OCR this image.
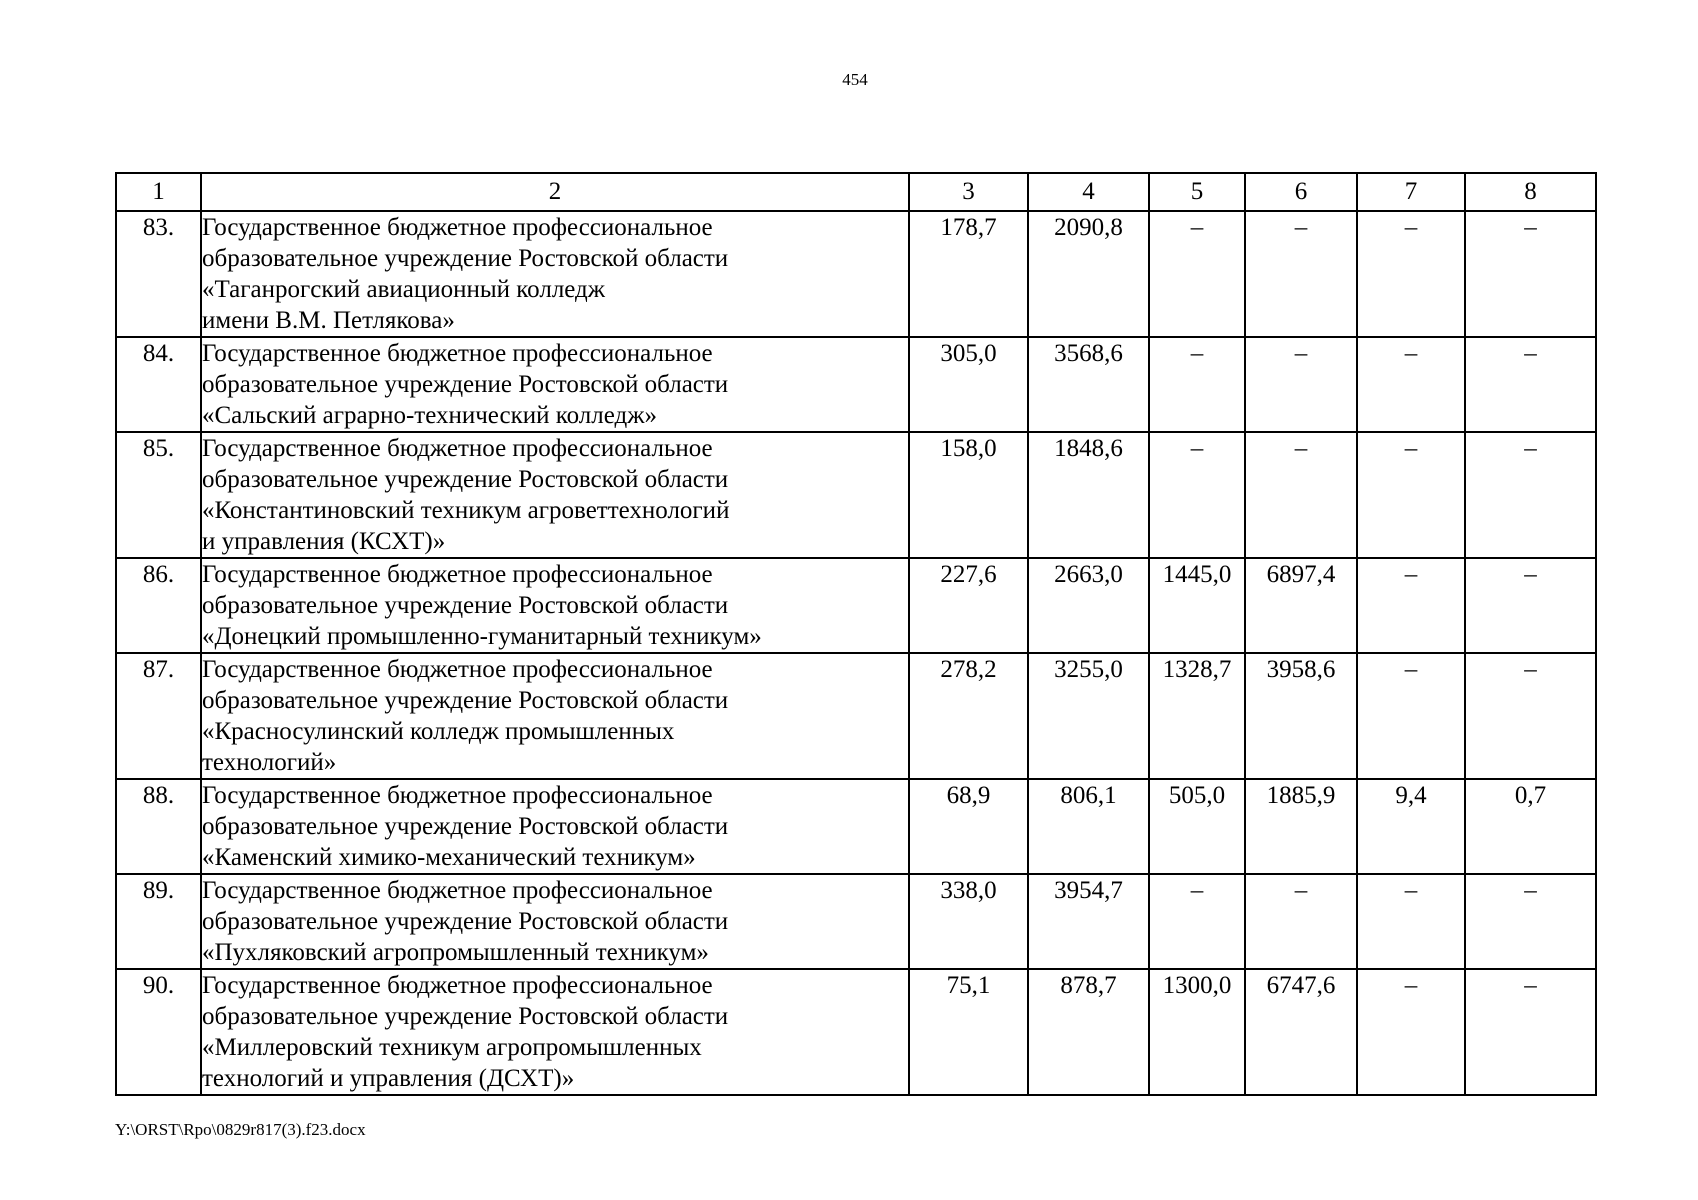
454
1	2	3	4	5	6	7	8
83.	Государственное бюджетное профессиональное
образовательное учреждение Ростовской области
«Таганрогский авиационный колледж
имени В.М. Петлякова»	178,7	2090,8	–	–	–	–
84.	Государственное бюджетное профессиональное
образовательное учреждение Ростовской области
«Сальский аграрно-технический колледж»	305,0	3568,6	–	–	–	–
85.	Государственное бюджетное профессиональное
образовательное учреждение Ростовской области
«Константиновский техникум агроветтехнологий
и управления (КСХТ)»	158,0	1848,6	–	–	–	–
86.	Государственное бюджетное профессиональное
образовательное учреждение Ростовской области
«Донецкий промышленно-гуманитарный техникум»	227,6	2663,0	1445,0	6897,4	–	–
87.	Государственное бюджетное профессиональное
образовательное учреждение Ростовской области
«Красносулинский колледж промышленных
технологий»	278,2	3255,0	1328,7	3958,6	–	–
88.	Государственное бюджетное профессиональное
образовательное учреждение Ростовской области
«Каменский химико-механический техникум»	68,9	806,1	505,0	1885,9	9,4	0,7
89.	Государственное бюджетное профессиональное
образовательное учреждение Ростовской области
«Пухляковский агропромышленный техникум»	338,0	3954,7	–	–	–	–
90.	Государственное бюджетное профессиональное
образовательное учреждение Ростовской области
«Миллеровский техникум агропромышленных
технологий и управления (ДСХТ)»	75,1	878,7	1300,0	6747,6	–	–
Y:\ORST\Rpo\0829r817(3).f23.docx
